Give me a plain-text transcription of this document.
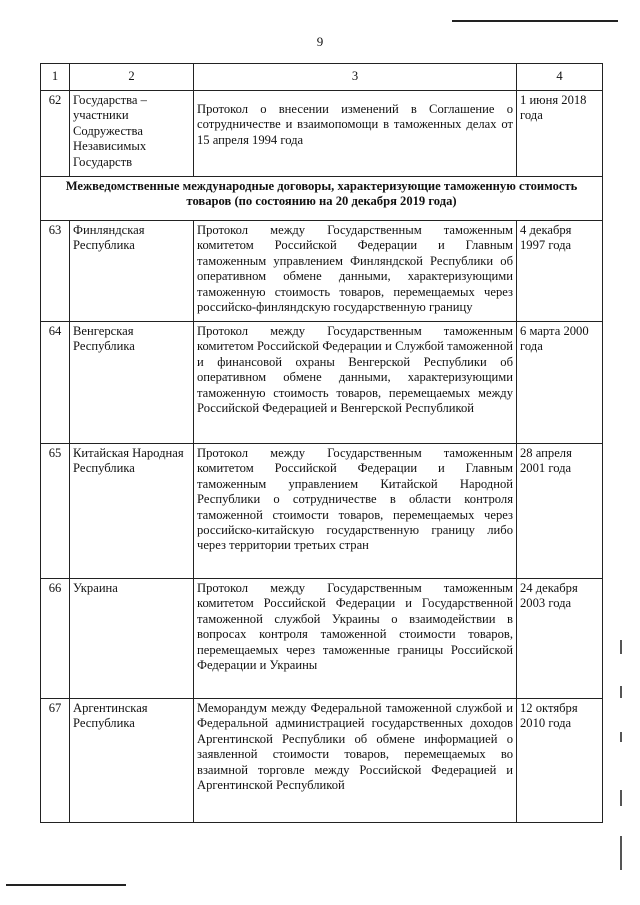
9
1	2	3	4
62	Государства – участники Содружества Независимых Государств	Протокол о внесении изменений в Соглашение о сотрудничестве и взаимопомощи в таможенных делах от 15 апреля 1994 года	1 июня 2018 года
Межведомственные международные договоры, характеризующие таможенную стоимость товаров (по состоянию на 20 декабря 2019 года)			
63	Финляндская Республика	Протокол между Государственным таможенным комитетом Российской Федерации и Главным таможенным управлением Финляндской Республики об оперативном обмене данными, характеризующими таможенную стоимость товаров, перемещаемых через российско-финляндскую государственную границу	4 декабря 1997 года
64	Венгерская Республика	Протокол между Государственным таможенным комитетом Российской Федерации и Службой таможенной и финансовой охраны Венгерской Республики об оперативном обмене данными, характеризующими таможенную стоимость товаров, перемещаемых между Российской Федерацией и Венгерской Республикой	6 марта 2000 года
65	Китайская Народная Республика	Протокол между Государственным таможенным комитетом Российской Федерации и Главным таможенным управлением Китайской Народной Республики о сотрудничестве в области контроля таможенной стоимости товаров, перемещаемых через российско-китайскую государственную границу либо через территории третьих стран	28 апреля 2001 года
66	Украина	Протокол между Государственным таможенным комитетом Российской Федерации и Государственной таможенной службой Украины о взаимодействии в вопросах контроля таможенной стоимости товаров, перемещаемых через таможенные границы Российской Федерации и Украины	24 декабря 2003 года
67	Аргентинская Республика	Меморандум между Федеральной таможенной службой и Федеральной администрацией государственных доходов Аргентинской Республики об обмене информацией о заявленной стоимости товаров, перемещаемых во взаимной торговле между Российской Федерацией и Аргентинской Республикой	12 октября 2010 года
